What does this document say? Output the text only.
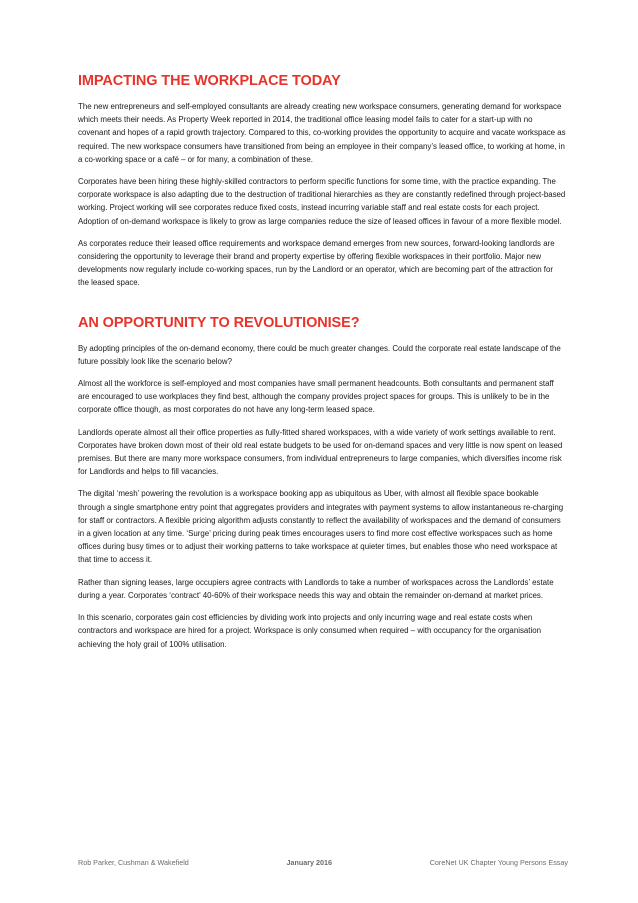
IMPACTING THE WORKPLACE TODAY

The new entrepreneurs and self-employed consultants are already creating new workspace consumers, generating demand for workspace which meets their needs. As Property Week reported in 2014, the traditional office leasing model fails to cater for a start-up with no covenant and hopes of a rapid growth trajectory. Compared to this, co-working provides the opportunity to acquire and vacate workspace as required. The new workspace consumers have transitioned from being an employee in their company’s leased office, to working at home, in a co-working space or a café – or for many, a combination of these.

Corporates have been hiring these highly-skilled contractors to perform specific functions for some time, with the practice expanding. The corporate workspace is also adapting due to the destruction of traditional hierarchies as they are constantly redefined through project-based working. Project working will see corporates reduce fixed costs, instead incurring variable staff and real estate costs for each project. Adoption of on-demand workspace is likely to grow as large companies reduce the size of leased offices in favour of a more flexible model.

As corporates reduce their leased office requirements and workspace demand emerges from new sources, forward-looking landlords are considering the opportunity to leverage their brand and property expertise by offering flexible workspaces in their portfolio. Major new developments now regularly include co-working spaces, run by the Landlord or an operator, which are becoming part of the attraction for the leased space.

AN OPPORTUNITY TO REVOLUTIONISE?

By adopting principles of the on-demand economy, there could be much greater changes. Could the corporate real estate landscape of the future possibly look like the scenario below?

Almost all the workforce is self-employed and most companies have small permanent headcounts. Both consultants and permanent staff are encouraged to use workplaces they find best, although the company provides project spaces for groups. This is unlikely to be in the corporate office though, as most corporates do not have any long-term leased space.

Landlords operate almost all their office properties as fully-fitted shared workspaces, with a wide variety of work settings available to rent. Corporates have broken down most of their old real estate budgets to be used for on-demand spaces and very little is now spent on leased premises. But there are many more workspace consumers, from individual entrepreneurs to large companies, which diversifies income risk for Landlords and helps to fill vacancies.

The digital ‘mesh’ powering the revolution is a workspace booking app as ubiquitous as Uber, with almost all flexible space bookable through a single smartphone entry point that aggregates providers and integrates with payment systems to allow instantaneous re-charging for staff or contractors. A flexible pricing algorithm adjusts constantly to reflect the availability of workspaces and the demand of consumers in a given location at any time. ‘Surge’ pricing during peak times encourages users to find more cost effective workspaces such as home offices during busy times or to adjust their working patterns to take workspace at quieter times, but enables those who need workspace at that time to access it.

Rather than signing leases, large occupiers agree contracts with Landlords to take a number of workspaces across the Landlords’ estate during a year. Corporates ‘contract’ 40-60% of their workspace needs this way and obtain the remainder on-demand at market prices.

In this scenario, corporates gain cost efficiencies by dividing work into projects and only incurring wage and real estate costs when contractors and workspace are hired for a project. Workspace is only consumed when required – with occupancy for the organisation achieving the holy grail of 100% utilisation.

Rob Parker, Cushman & Wakefield	January 2016	CoreNet UK Chapter Young Persons Essay
